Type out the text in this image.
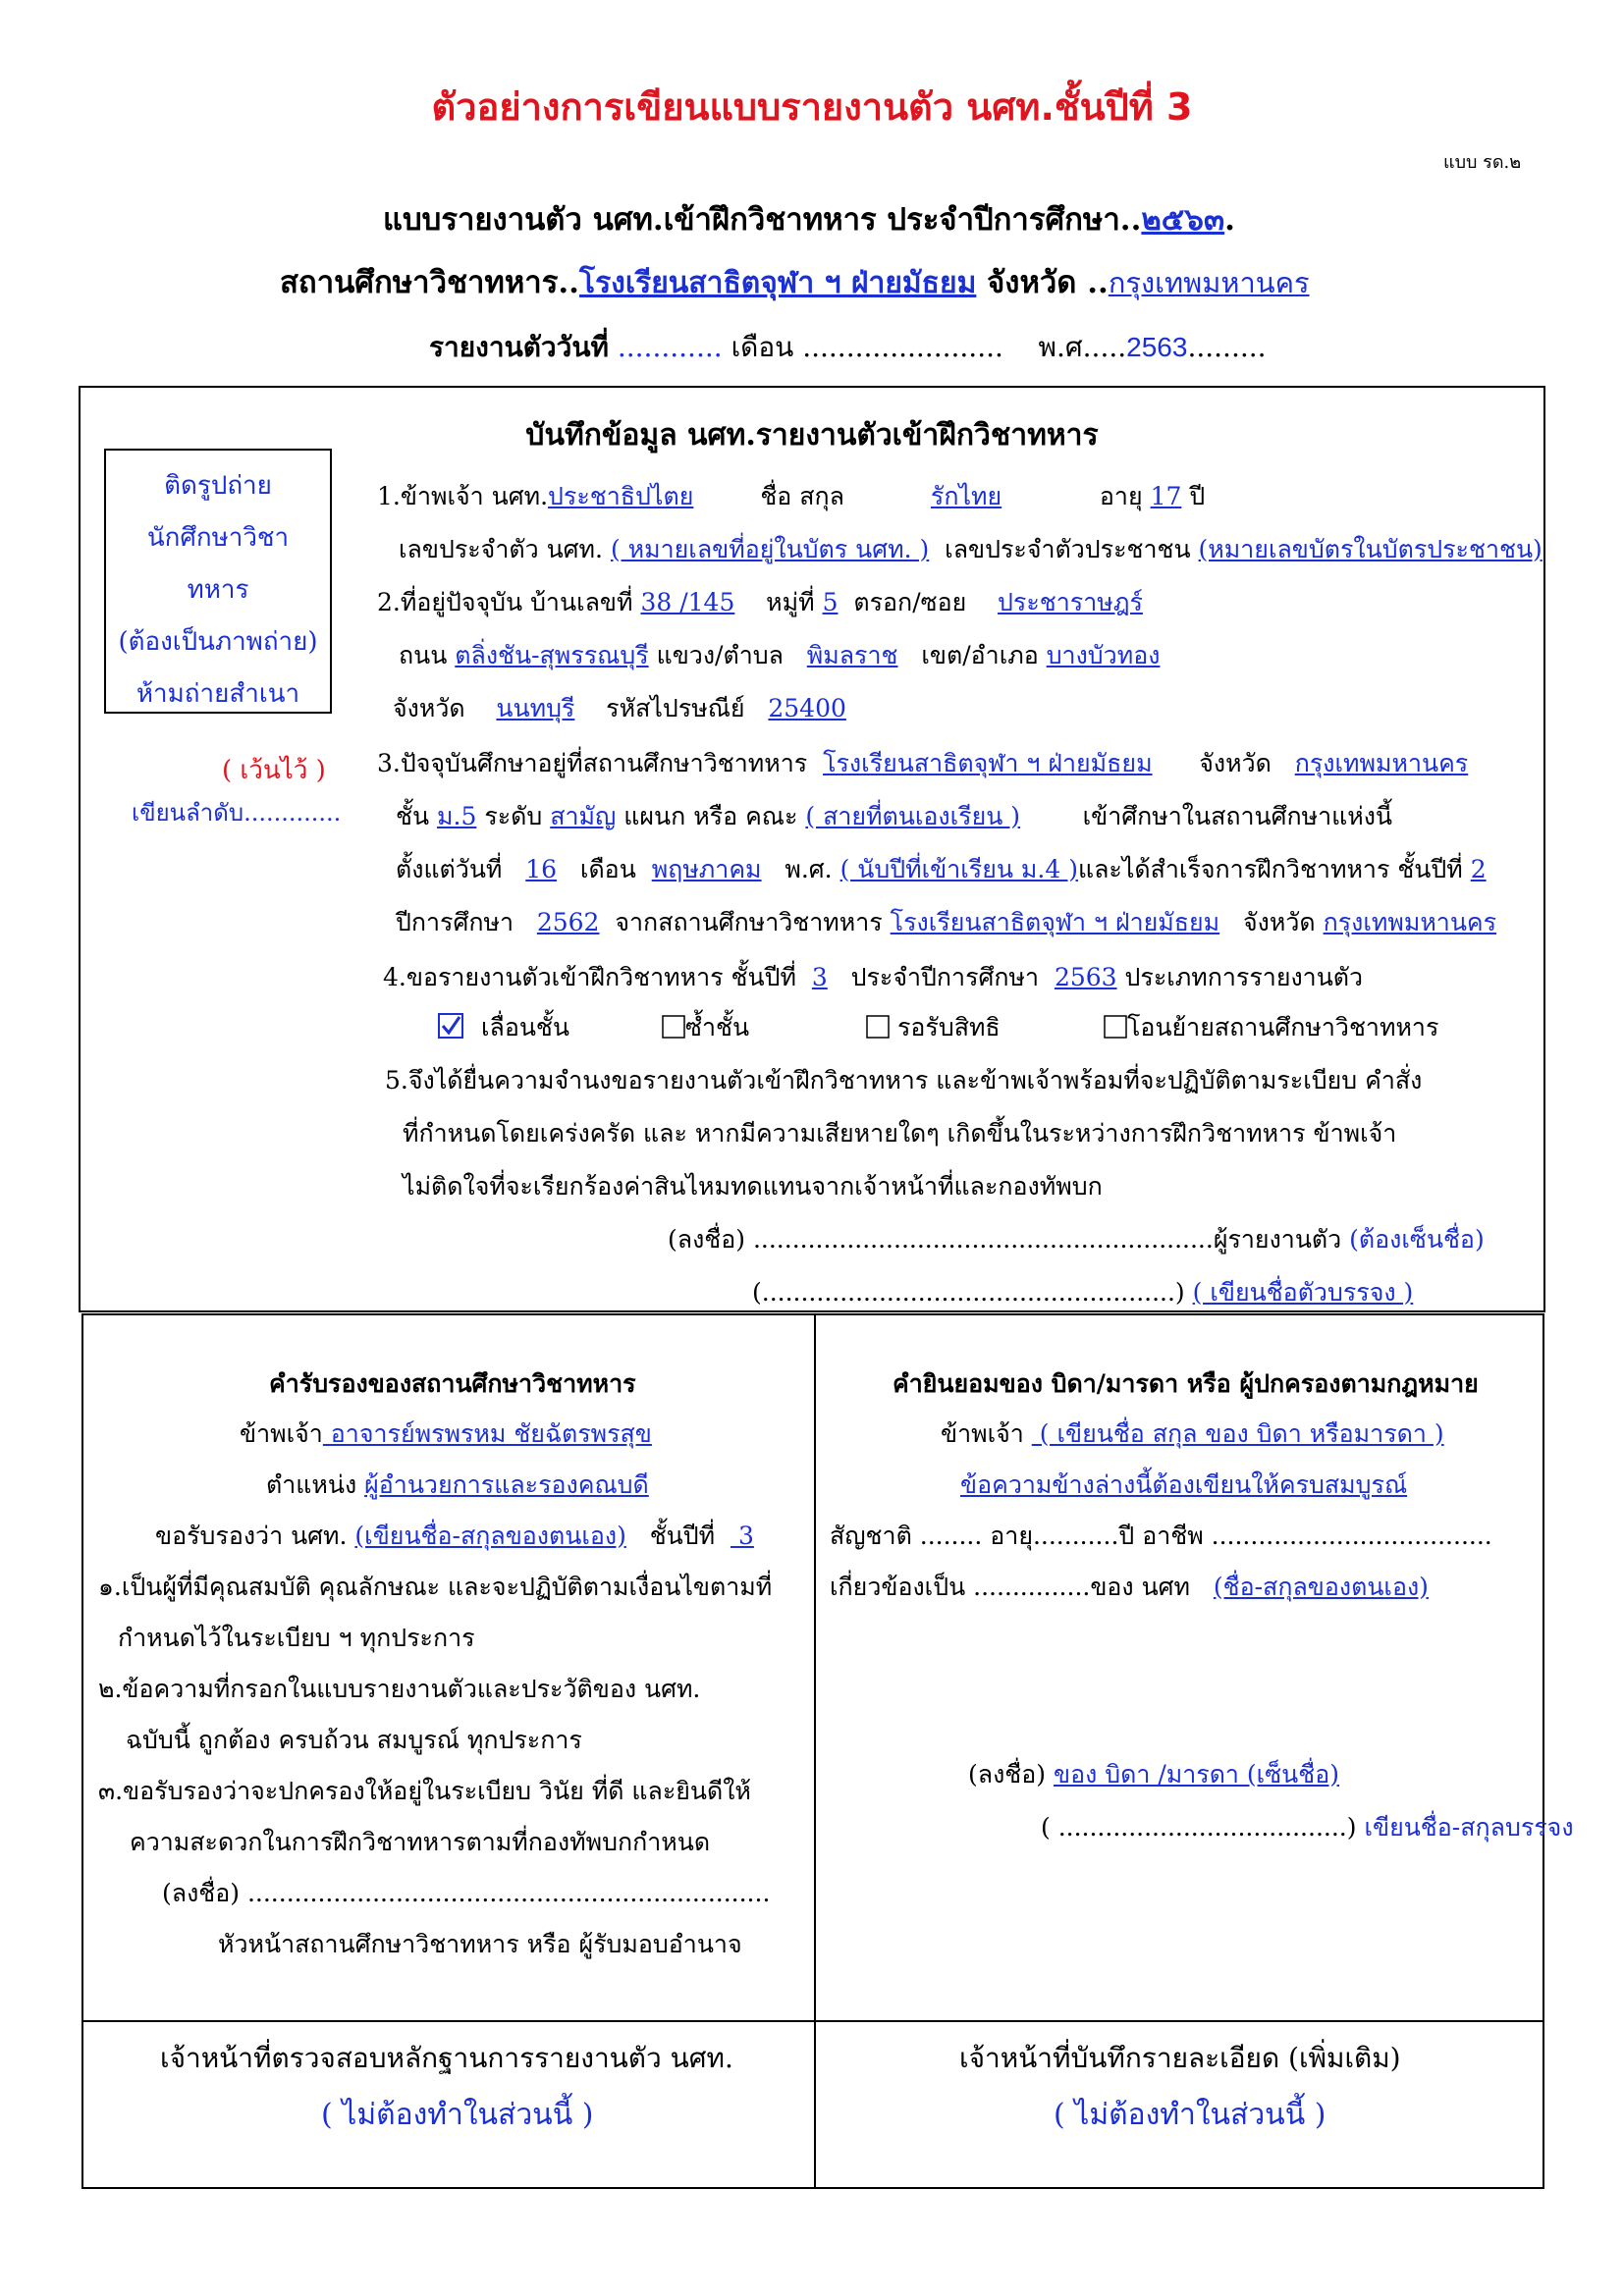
ตัวอย่างการเขียนแบบรายงานตัว นศท.ชั้นปีที่ 3
แบบ รด.๒
แบบรายงานตัว นศท.เข้าฝึกวิชาทหาร ประจำปีการศึกษา..๒๕๖๓.
สถานศึกษาวิชาทหาร..โรงเรียนสาธิตจุฬา ฯ ฝ่ายมัธยม จังหวัด ..กรุงเทพมหานคร
รายงานตัววันที่ ............ เดือน ....................... พ.ศ.....2563.........
บันทึกข้อมูล นศท.รายงานตัวเข้าฝึกวิชาทหาร
ติดรูปถ่าย
นักศึกษาวิชา
ทหาร
(ต้องเป็นภาพถ่าย)
ห้ามถ่ายสำเนา
( เว้นไว้ )
เขียนลำดับ.............
1.ข้าพเจ้า นศท.ประชาธิปไตย	ชื่อ สกุล	รักไทย	อายุ 17 ปี
เลขประจำตัว นศท. ( หมายเลขที่อยู่ในบัตร นศท. ) เลขประจำตัวประชาชน (หมายเลขบัตรในบัตรประชาชน)
2.ที่อยู่ปัจจุบัน บ้านเลขที่ 38 /145 หมู่ที่ 5 ตรอก/ซอย ประชาราษฎร์
ถนน ตลิ่งชัน-สุพรรณบุรี แขวง/ตำบล พิมลราช เขต/อำเภอ บางบัวทอง
จังหวัด นนทบุรี รหัสไปรษณีย์ 25400
3.ปัจจุบันศึกษาอยู่ที่สถานศึกษาวิชาทหาร โรงเรียนสาธิตจุฬา ฯ ฝ่ายมัธยม จังหวัด กรุงเทพมหานคร
ชั้น ม.5 ระดับ สามัญ แผนก หรือ คณะ ( สายที่ตนเองเรียน )	เข้าศึกษาในสถานศึกษาแห่งนี้
ตั้งแต่วันที่ 16 เดือน พฤษภาคม พ.ศ. ( นับปีที่เข้าเรียน ม.4 )และได้สำเร็จการฝึกวิชาทหาร ชั้นปีที่ 2
ปีการศึกษา 2562 จากสถานศึกษาวิชาทหาร โรงเรียนสาธิตจุฬา ฯ ฝ่ายมัธยม จังหวัด กรุงเทพมหานคร
4.ขอรายงานตัวเข้าฝึกวิชาทหาร ชั้นปีที่ 3 ประจำปีการศึกษา 2563 ประเภทการรายงานตัว
เลื่อนชั้น	ซ้ำชั้น	รอรับสิทธิ	โอนย้ายสถานศึกษาวิชาทหาร
5.จึงได้ยื่นความจำนงขอรายงานตัวเข้าฝึกวิชาทหาร และข้าพเจ้าพร้อมที่จะปฏิบัติตามระเบียบ คำสั่ง
ที่กำหนดโดยเคร่งครัด และ หากมีความเสียหายใดๆ เกิดขึ้นในระหว่างการฝึกวิชาทหาร ข้าพเจ้า
ไม่ติดใจที่จะเรียกร้องค่าสินไหมทดแทนจากเจ้าหน้าที่และกองทัพบก
(ลงชื่อ) ...........................................................ผู้รายงานตัว (ต้องเซ็นชื่อ)
(.....................................................) ( เขียนชื่อตัวบรรจง )
คำรับรองของสถานศึกษาวิชาทหาร
ข้าพเจ้า อาจารย์พรพรหม ชัยฉัตรพรสุข
ตำแหน่ง ผู้อำนวยการและรองคณบดี
ขอรับรองว่า นศท. (เขียนชื่อ-สกุลของตนเอง) ชั้นปีที่   3
๑.เป็นผู้ที่มีคุณสมบัติ คุณลักษณะ และจะปฏิบัติตามเงื่อนไขตามที่
กำหนดไว้ในระเบียบ ฯ ทุกประการ
๒.ข้อความที่กรอกในแบบรายงานตัวและประวัติของ นศท.
ฉบับนี้ ถูกต้อง ครบถ้วน สมบูรณ์ ทุกประการ
๓.ขอรับรองว่าจะปกครองให้อยู่ในระเบียบ วินัย ที่ดี และยินดีให้
ความสะดวกในการฝึกวิชาทหารตามที่กองทัพบกกำหนด
(ลงชื่อ) ...................................................................
หัวหน้าสถานศึกษาวิชาทหาร หรือ ผู้รับมอบอำนาจ
คำยินยอมของ บิดา/มารดา หรือ ผู้ปกครองตามกฎหมาย
ข้าพเจ้า  ( เขียนชื่อ สกุล ของ บิดา หรือมารดา )
ข้อความข้างล่างนี้ต้องเขียนให้ครบสมบูรณ์
สัญชาติ ........ อายุ...........ปี อาชีพ ....................................
เกี่ยวข้องเป็น ...............ของ นศท (ชื่อ-สกุลของตนเอง)
(ลงชื่อ) ของ บิดา /มารดา (เซ็นชื่อ)
( .....................................) เขียนชื่อ-สกุลบรรจง
เจ้าหน้าที่ตรวจสอบหลักฐานการรายงานตัว นศท.
( ไม่ต้องทำในส่วนนี้ )
เจ้าหน้าที่บันทึกรายละเอียด (เพิ่มเติม)
( ไม่ต้องทำในส่วนนี้ )
